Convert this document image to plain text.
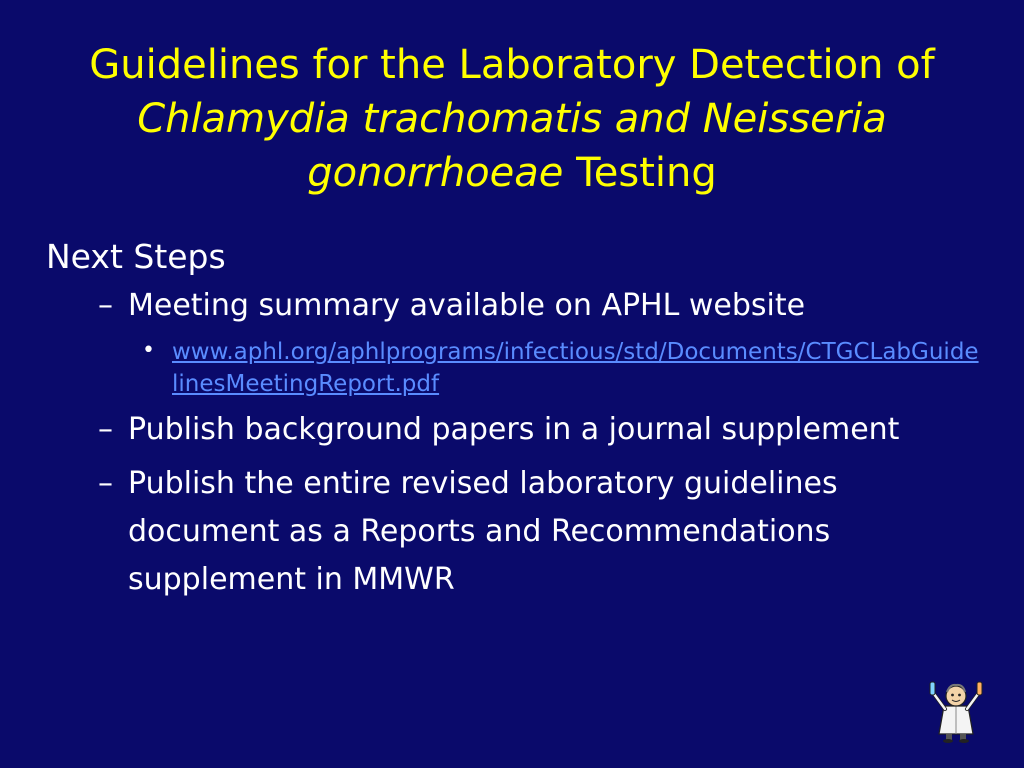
Guidelines for the Laboratory Detection of
Chlamydia trachomatis and Neisseria
gonorrhoeae Testing

Next Steps

– Meeting summary available on APHL website

• www.aphl.org/aphlprograms/infectious/std/Documents/CTGCLabGuidelinesMeetingReport.pdf

– Publish background papers in a journal supplement

– Publish the entire revised laboratory guidelines document as a Reports and Recommendations supplement in MMWR
